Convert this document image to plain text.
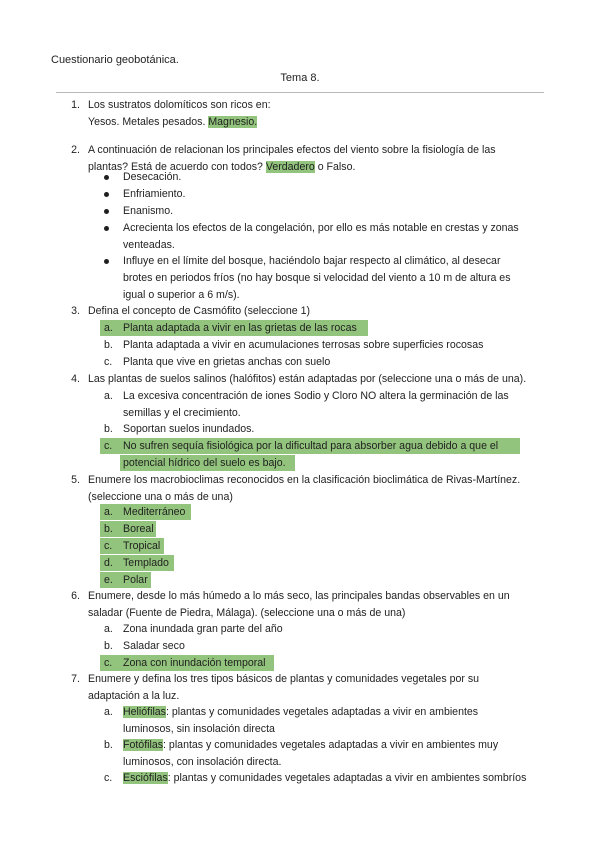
Cuestionario geobotánica.
Tema 8.
1. Los sustratos dolomíticos son ricos en:
Yesos. Metales pesados. Magnesio.
2. A continuación de relacionan los principales efectos del viento sobre la fisiología de las
plantas? Está de acuerdo con todos? Verdadero o Falso.
Desecación.
Enfriamiento.
Enanismo.
Acrecienta los efectos de la congelación, por ello es más notable en crestas y zonas
venteadas.
Influye en el límite del bosque, haciéndolo bajar respecto al climático, al desecar
brotes en periodos fríos (no hay bosque si velocidad del viento a 10 m de altura es
igual o superior a 6 m/s).
3. Defina el concepto de Casmófito (seleccione 1)
a. Planta adaptada a vivir en las grietas de las rocas
b. Planta adaptada a vivir en acumulaciones terrosas sobre superficies rocosas
c. Planta que vive en grietas anchas con suelo
4. Las plantas de suelos salinos (halófitos) están adaptadas por (seleccione una o más de una).
a. La excesiva concentración de iones Sodio y Cloro NO altera la germinación de las
semillas y el crecimiento.
b. Soportan suelos inundados.
c. No sufren sequía fisiológica por la dificultad para absorber agua debido a que el
potencial hídrico del suelo es bajo.
5. Enumere los macrobioclimas reconocidos en la clasificación bioclimática de Rivas-Martínez.
(seleccione una o más de una)
a. Mediterráneo
b. Boreal
c. Tropical
d. Templado
e. Polar
6. Enumere, desde lo más húmedo a lo más seco, las principales bandas observables en un
saladar (Fuente de Piedra, Málaga). (seleccione una o más de una)
a. Zona inundada gran parte del año
b. Saladar seco
c. Zona con inundación temporal
7. Enumere y defina los tres tipos básicos de plantas y comunidades vegetales por su
adaptación a la luz.
a. Heliófilas: plantas y comunidades vegetales adaptadas a vivir en ambientes
luminosos, sin insolación directa
b. Fotófilas: plantas y comunidades vegetales adaptadas a vivir en ambientes muy
luminosos, con insolación directa.
c. Esciófilas: plantas y comunidades vegetales adaptadas a vivir en ambientes sombríos
